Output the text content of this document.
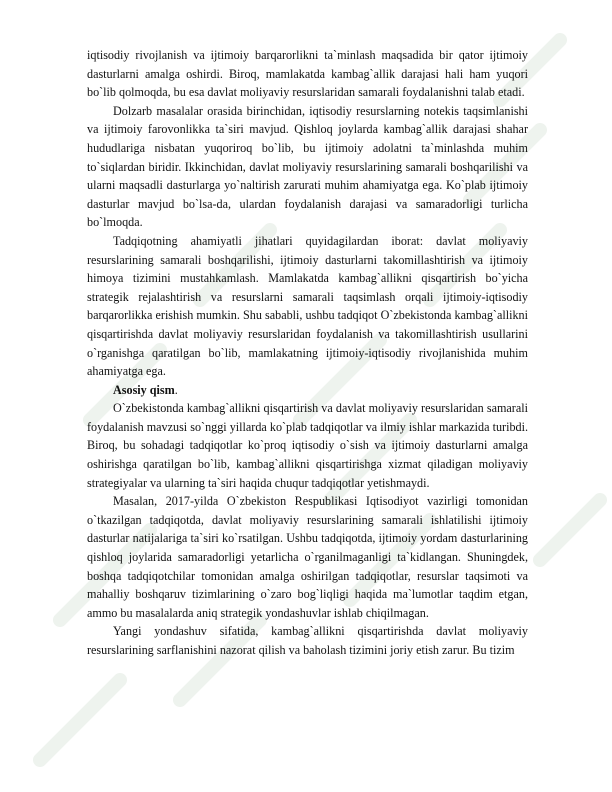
iqtisodiy rivojlanish va ijtimoiy barqarorlikni ta`minlash maqsadida bir qator ijtimoiy dasturlarni amalga oshirdi. Biroq, mamlakatda kambag`allik darajasi hali ham yuqori bo`lib qolmoqda, bu esa davlat moliyaviy resurslaridan samarali foydalanishni talab etadi.

Dolzarb masalalar orasida birinchidan, iqtisodiy resurslarning notekis taqsimlanishi va ijtimoiy farovonlikka ta`siri mavjud. Qishloq joylarda kambag`allik darajasi shahar hududlariga nisbatan yuqoriroq bo`lib, bu ijtimoiy adolatni ta`minlashda muhim to`siqlardan biridir. Ikkinchidan, davlat moliyaviy resurslarining samarali boshqarilishi va ularni maqsadli dasturlarga yo`naltirish zarurati muhim ahamiyatga ega. Ko`plab ijtimoiy dasturlar mavjud bo`lsa-da, ulardan foydalanish darajasi va samaradorligi turlicha bo`lmoqda.

Tadqiqotning ahamiyatli jihatlari quyidagilardan iborat: davlat moliyaviy resurslarining samarali boshqarilishi, ijtimoiy dasturlarni takomillashtirish va ijtimoiy himoya tizimini mustahkamlash. Mamlakatda kambag`allikni qisqartirish bo`yicha strategik rejalashtirish va resurslarni samarali taqsimlash orqali ijtimoiy-iqtisodiy barqarorlikka erishish mumkin. Shu sababli, ushbu tadqiqot O`zbekistonda kambag`allikni qisqartirishda davlat moliyaviy resurslaridan foydalanish va takomillashtirish usullarini o`rganishga qaratilgan bo`lib, mamlakatning ijtimoiy-iqtisodiy rivojlanishida muhim ahamiyatga ega.

Asosiy qism.

O`zbekistonda kambag`allikni qisqartirish va davlat moliyaviy resurslaridan samarali foydalanish mavzusi so`nggi yillarda ko`plab tadqiqotlar va ilmiy ishlar markazida turibdi. Biroq, bu sohadagi tadqiqotlar ko`proq iqtisodiy o`sish va ijtimoiy dasturlarni amalga oshirishga qaratilgan bo`lib, kambag`allikni qisqartirishga xizmat qiladigan moliyaviy strategiyalar va ularning ta`siri haqida chuqur tadqiqotlar yetishmaydi.

Masalan, 2017-yilda O`zbekiston Respublikasi Iqtisodiyot vazirligi tomonidan o`tkazilgan tadqiqotda, davlat moliyaviy resurslarining samarali ishlatilishi ijtimoiy dasturlar natijalariga ta`siri ko`rsatilgan. Ushbu tadqiqotda, ijtimoiy yordam dasturlarining qishloq joylarida samaradorligi yetarlicha o`rganilmaganligi ta`kidlangan. Shuningdek, boshqa tadqiqotchilar tomonidan amalga oshirilgan tadqiqotlar, resurslar taqsimoti va mahalliy boshqaruv tizimlarining o`zaro bog`liqligi haqida ma`lumotlar taqdim etgan, ammo bu masalalarda aniq strategik yondashuvlar ishlab chiqilmagan.

Yangi yondashuv sifatida, kambag`allikni qisqartirishda davlat moliyaviy resurslarining sarflanishini nazorat qilish va baholash tizimini joriy etish zarur. Bu tizim
